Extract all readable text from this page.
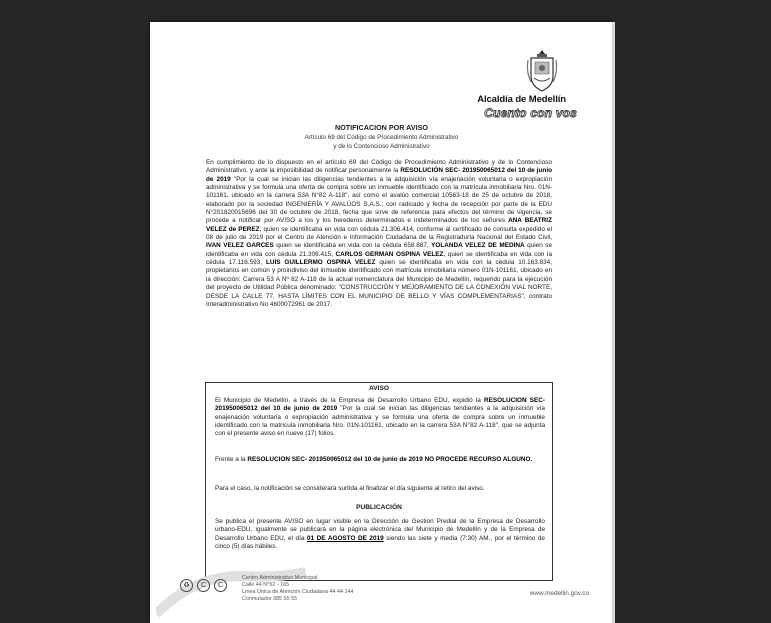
Alcaldía de Medellín
Cuento con vos
NOTIFICACION POR AVISO
Artículo 69 del Código de Procedimiento Administrativo
y de lo Contencioso Administrativo
En cumplimiento de lo dispuesto en el artículo 69 del Código de Procedimiento Administrativo y de lo Contencioso Administrativo, y ante la imposibilidad de notificar personalmente la RESOLUCIÓN SEC- 201950065012 del 10 de junio de 2019 "Por la cual se inician las diligencias tendientes a la adquisición vía enajenación voluntaria o expropiación administrativa y se formula una oferta de compra sobre un inmueble identificado con la matrícula inmobiliaria Nro. 01N-101161, ubicado en la carrera 53A N°82 A-118", así como el avalúo comercial 10563-18 de 25 de octubre de 2018, elaborado por la sociedad INGENIERÍA Y AVALÚOS S.A.S., con radicado y fecha de recepción por parte de la EDU N°201820015696 del 30 de octubre de 2018, fecha que sirve de referencia para efectos del término de vigencia, se procede a notificar por AVISO a los y los herederos determinados e indeterminados de los señores ANA BEATRIZ VELEZ de PEREZ, quien se identificaba en vida con cédula 21.306.414, conforme al certificado de consulta expedido el 08 de julio de 2019 por el Centro de Atención e Información Ciudadana de la Registraduría Nacional del Estado Civil, IVAN VELEZ GARCES quien se identificaba en vida con la cédula 658.887, YOLANDA VELEZ DE MEDINA quien se identificaba en vida con cédula 21.306.415, CARLOS GERMAN OSPINA VELEZ, quien se identificaba en vida con la cédula 17.116.593, LUIS GUILLERMO OSPINA VELEZ quien se identificaba en vida con la cédula 10.163.834, propietarios en común y proindiviso del inmueble identificado con matrícula inmobiliaria número 01N-101161, ubicado en la dirección: Carrera 53 A Nº 82 A-118 de la actual nomenclatura del Municipio de Medellín, requerido para la ejecución del proyecto de Utilidad Pública denominado: "CONSTRUCCIÓN Y MEJORAMIENTO DE LA CONEXIÓN VIAL NORTE, DESDE LA CALLE 77, HASTA LÍMITES CON EL MUNICIPIO DE BELLO Y VÍAS COMPLEMENTARIAS", contrato Interadministrativo No 4600072961 de 2017.
AVISO
El Municipio de Medellín, a través de la Empresa de Desarrollo Urbano EDU, expidió la RESOLUCIÓN SEC- 201950065012 del 10 de junio de 2019 "Por la cual se inician las diligencias tendientes a la adquisición vía enajenación voluntaria o expropiación administrativa y se formula una oferta de compra sobre un inmueble identificado con la matrícula inmobiliaria Nro. 01N-101161, ubicado en la carrera 53A N°82 A-118", que se adjunta con el presente aviso en nueve (17) folios.
Frente a la RESOLUCIÓN SEC- 201950065012 del 10 de junio de 2019 NO PROCEDE RECURSO ALGUNO.
Para el caso, la notificación se considerará surtida al finalizar el día siguiente al retiro del aviso.
PUBLICACIÓN
Se publica el presente AVISO en lugar visible en la Dirección de Gestión Predial de la Empresa de Desarrollo urbano-EDU, igualmente se publicará en la página electrónica del Municipio de Medellín y de la Empresa de Desarrollo Urbano EDU, el día 01 DE AGOSTO DE 2019 siendo las siete y media (7:30) AM., por el término de cinco (5) días hábiles.
♻	C	C
Centro Administrativo Municipal
Calle 44 N°52 - 165
Línea Única de Atención Ciudadana 44 44 144
Conmutador 385 55 55
www.medellin.gov.co
